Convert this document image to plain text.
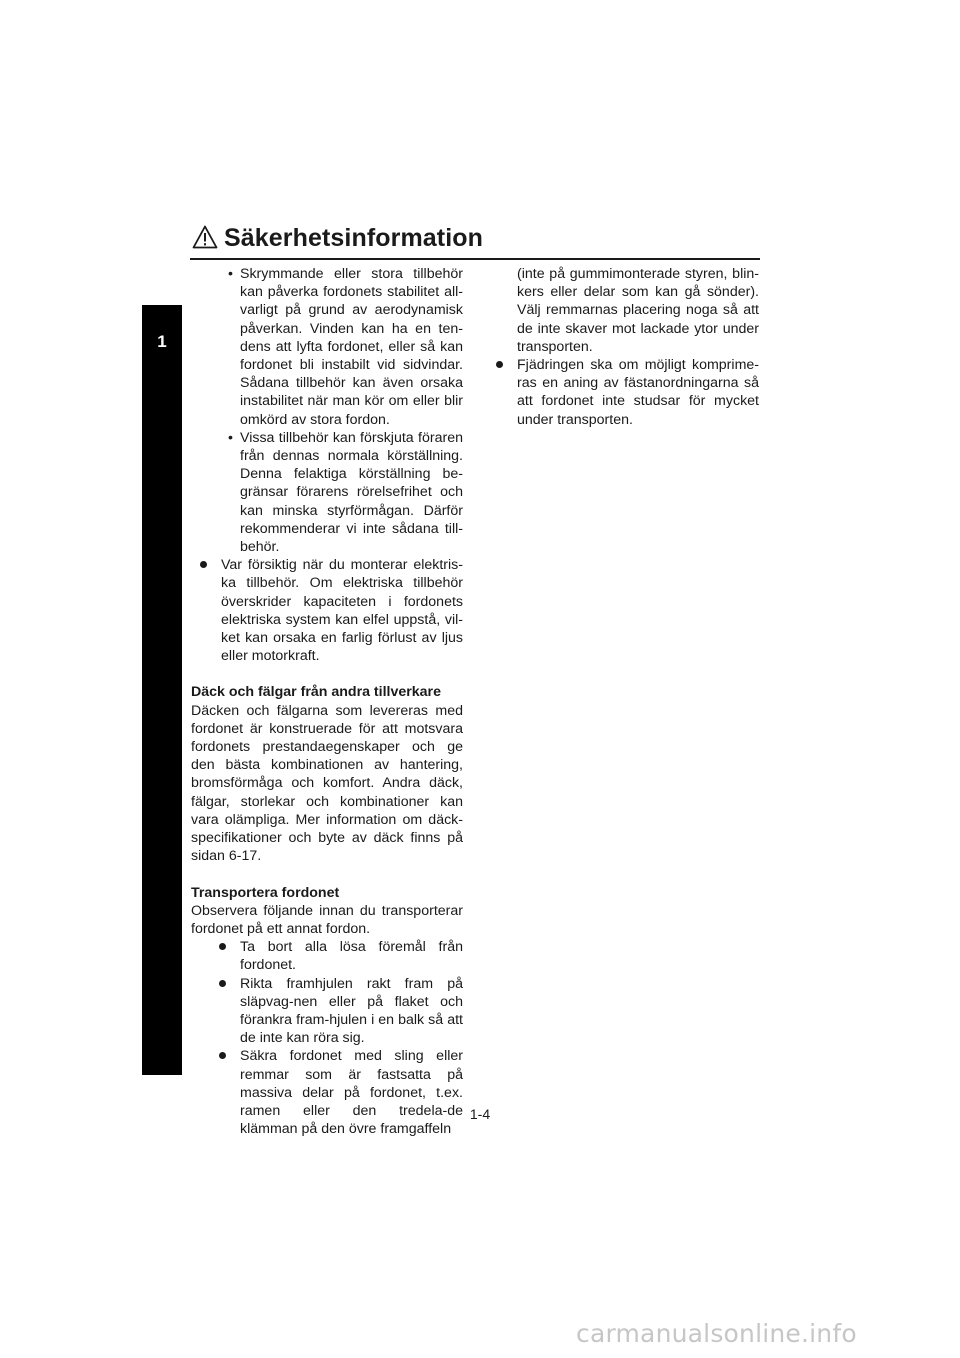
1
Säkerhetsinformation
• Skrymmande eller stora tillbehör kan påverka fordonets stabilitet all-varligt på grund av aerodynamisk påverkan. Vinden kan ha en ten-dens att lyfta fordonet, eller så kan fordonet bli instabilt vid sidvindar. Sådana tillbehör kan även orsaka instabilitet när man kör om eller blir omkörd av stora fordon.
• Vissa tillbehör kan förskjuta föraren från dennas normala körställning. Denna felaktiga körställning be-gränsar förarens rörelsefrihet och kan minska styrförmågan. Därför rekommenderar vi inte sådana till-behör.
Var försiktig när du monterar elektris-ka tillbehör. Om elektriska tillbehör överskrider kapaciteten i fordonets elektriska system kan elfel uppstå, vil-ket kan orsaka en farlig förlust av ljus eller motorkraft.

Däck och fälgar från andra tillverkare

Däcken och fälgarna som levereras med fordonet är konstruerade för att motsvara fordonets prestandaegenskaper och ge den bästa kombinationen av hantering, bromsförmåga och komfort. Andra däck, fälgar, storlekar och kombinationer kan vara olämpliga. Mer information om däck-specifikationer och byte av däck finns på sidan 6-17.

Transportera fordonet

Observera följande innan du transporterar fordonet på ett annat fordon.

Ta bort alla lösa föremål från fordonet.
Rikta framhjulen rakt fram på släpvag-nen eller på flaket och förankra fram-hjulen i en balk så att de inte kan röra sig.
Säkra fordonet med sling eller remmar som är fastsatta på massiva delar på fordonet, t.ex. ramen eller den tredela-de klämman på den övre framgaffeln
(inte på gummimonterade styren, blin-kers eller delar som kan gå sönder). Välj remmarnas placering noga så att de inte skaver mot lackade ytor under transporten.
Fjädringen ska om möjligt komprime-ras en aning av fästanordningarna så att fordonet inte studsar för mycket under transporten.
1-4
carmanualsonline.info
